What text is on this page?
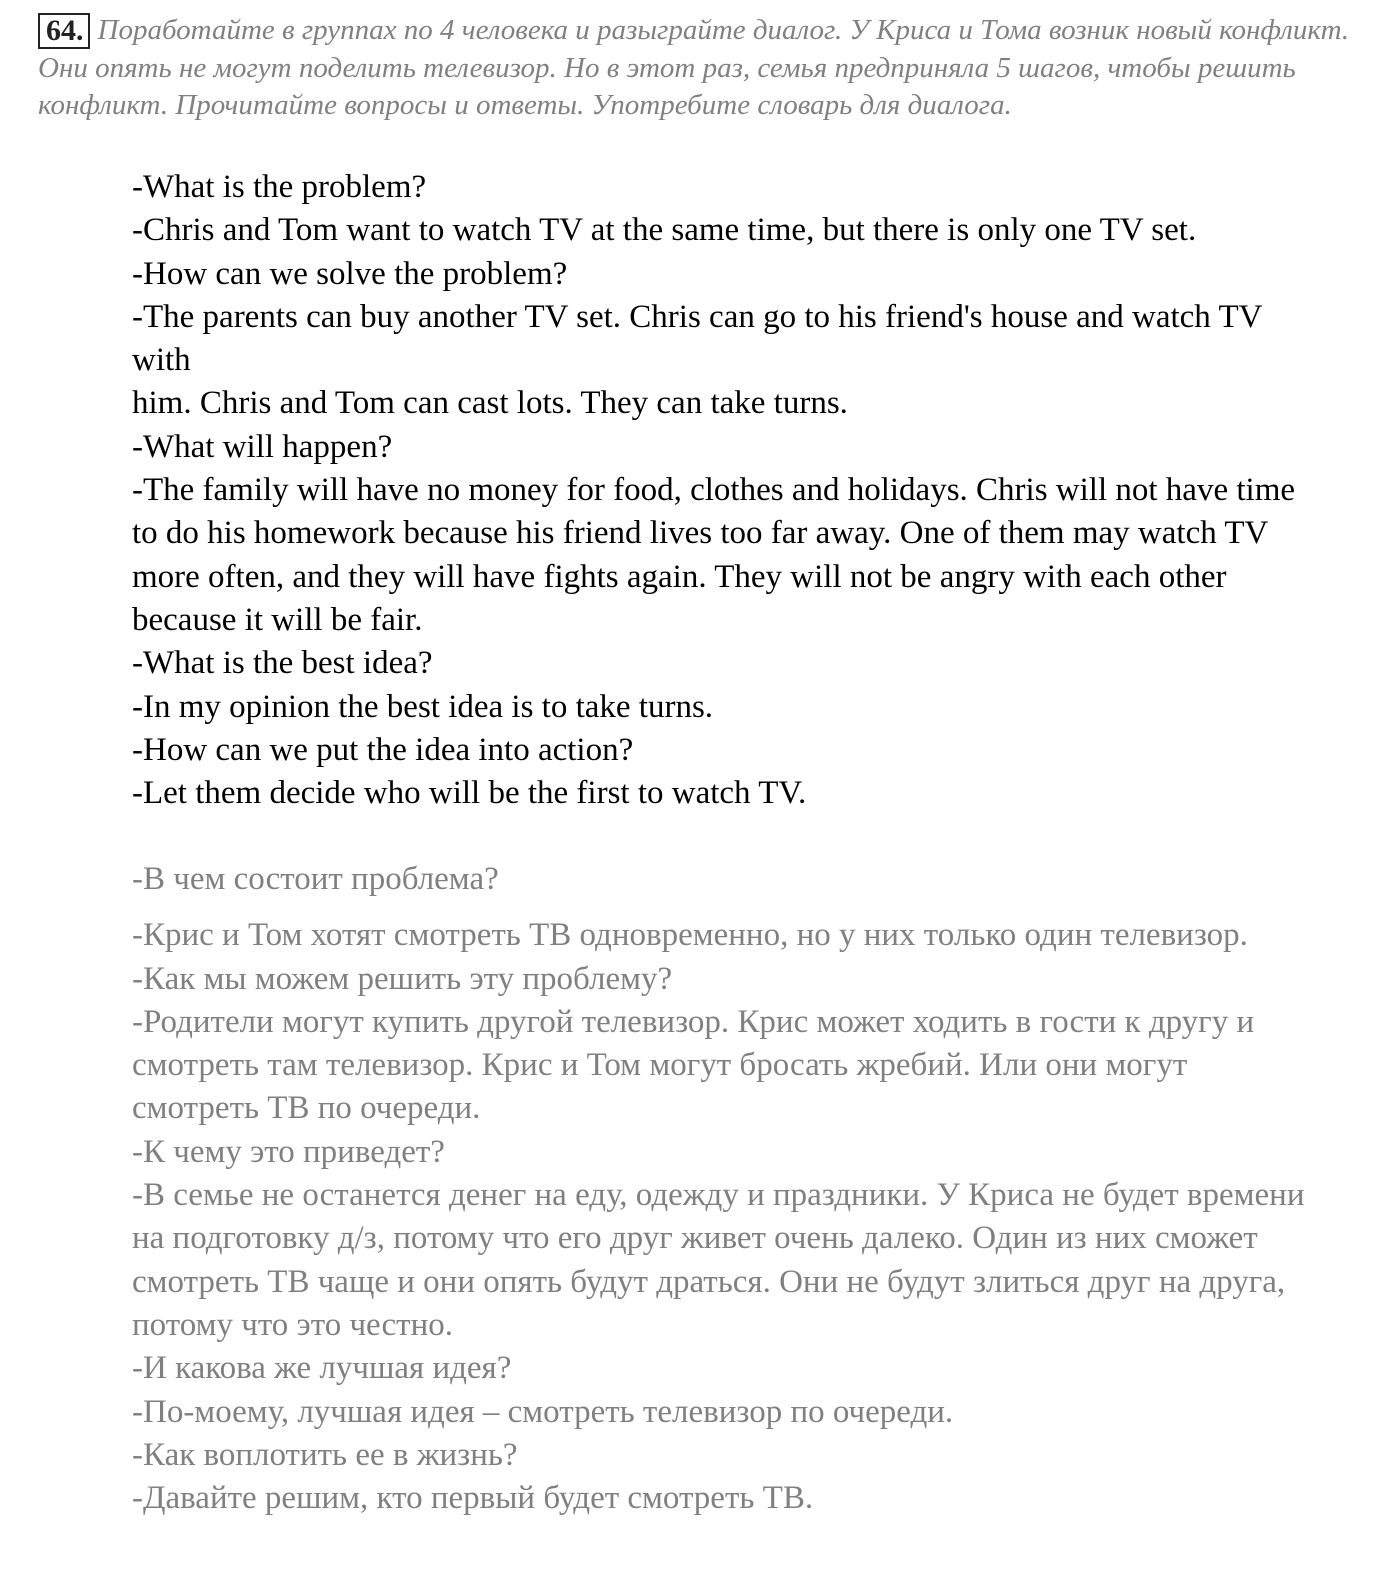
64. Поработайте в группах по 4 человека и разыграйте диалог. У Криса и Тома возник новый конфликт. Они опять не могут поделить телевизор. Но в этот раз, семья предприняла 5 шагов, чтобы решить конфликт. Прочитайте вопросы и ответы. Употребите словарь для диалога.

-What is the problem?
-Chris and Tom want to watch TV at the same time, but there is only one TV set.
-How can we solve the problem?
-The parents can buy another TV set. Chris can go to his friend's house and watch TV with
him. Chris and Tom can cast lots. They can take turns.
-What will happen?
-The family will have no money for food, clothes and holidays. Chris will not have time to do his homework because his friend lives too far away. One of them may watch TV more often, and they will have fights again. They will not be angry with each other because it will be fair.
-What is the best idea?
-In my opinion the best idea is to take turns.
-How can we put the idea into action?
-Let them decide who will be the first to watch TV.
-В чем состоит проблема?
-Крис и Том хотят смотреть ТВ одновременно, но у них только один телевизор.
-Как мы можем решить эту проблему?
-Родители могут купить другой телевизор. Крис может ходить в гости к другу и смотреть там телевизор. Крис и Том могут бросать жребий. Или они могут смотреть ТВ по очереди.
-К чему это приведет?
-В семье не останется денег на еду, одежду и праздники. У Криса не будет времени на подготовку д/з, потому что его друг живет очень далеко. Один из них сможет смотреть ТВ чаще и они опять будут драться. Они не будут злиться друг на друга, потому что это честно.
-И какова же лучшая идея?
-По-моему, лучшая идея – смотреть телевизор по очереди.
-Как воплотить ее в жизнь?
-Давайте решим, кто первый будет смотреть ТВ.
